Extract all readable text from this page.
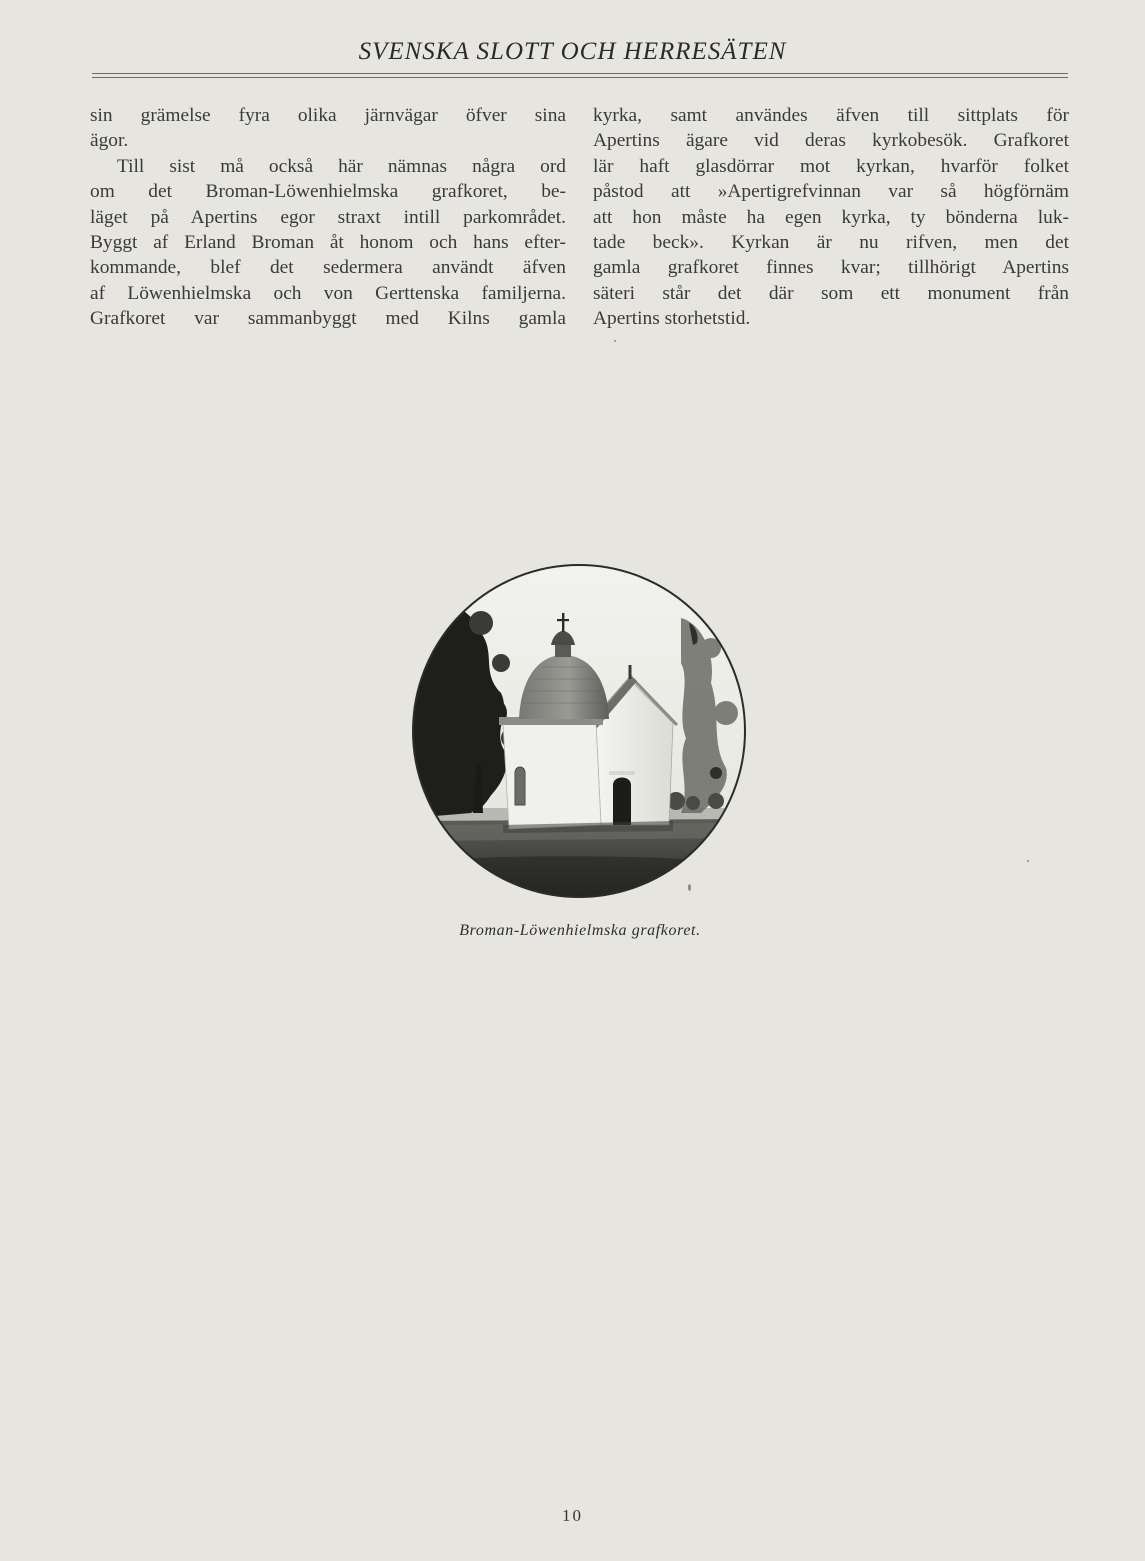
SVENSKA SLOTT OCH HERRESÄTEN
sin grämelse fyra olika järnvägar öfver sina
ägor.
Till sist må också här nämnas några ord
om det Broman-Löwenhielmska grafkoret, be-
läget på Apertins egor straxt intill parkområdet.
Byggt af Erland Broman åt honom och hans efter-
kommande, blef det sedermera användt äfven
af Löwenhielmska och von Gerttenska familjerna.
Grafkoret var sammanbyggt med Kilns gamla
kyrka, samt användes äfven till sittplats för
Apertins ägare vid deras kyrkobesök. Grafkoret
lär haft glasdörrar mot kyrkan, hvarför folket
påstod att »Apertigrefvinnan var så högförnäm
att hon måste ha egen kyrka, ty bönderna luk-
tade beck». Kyrkan är nu rifven, men det
gamla grafkoret finnes kvar; tillhörigt Apertins
säteri står det där som ett monument från
Apertins storhetstid.
Broman-Löwenhielmska grafkoret.
10
